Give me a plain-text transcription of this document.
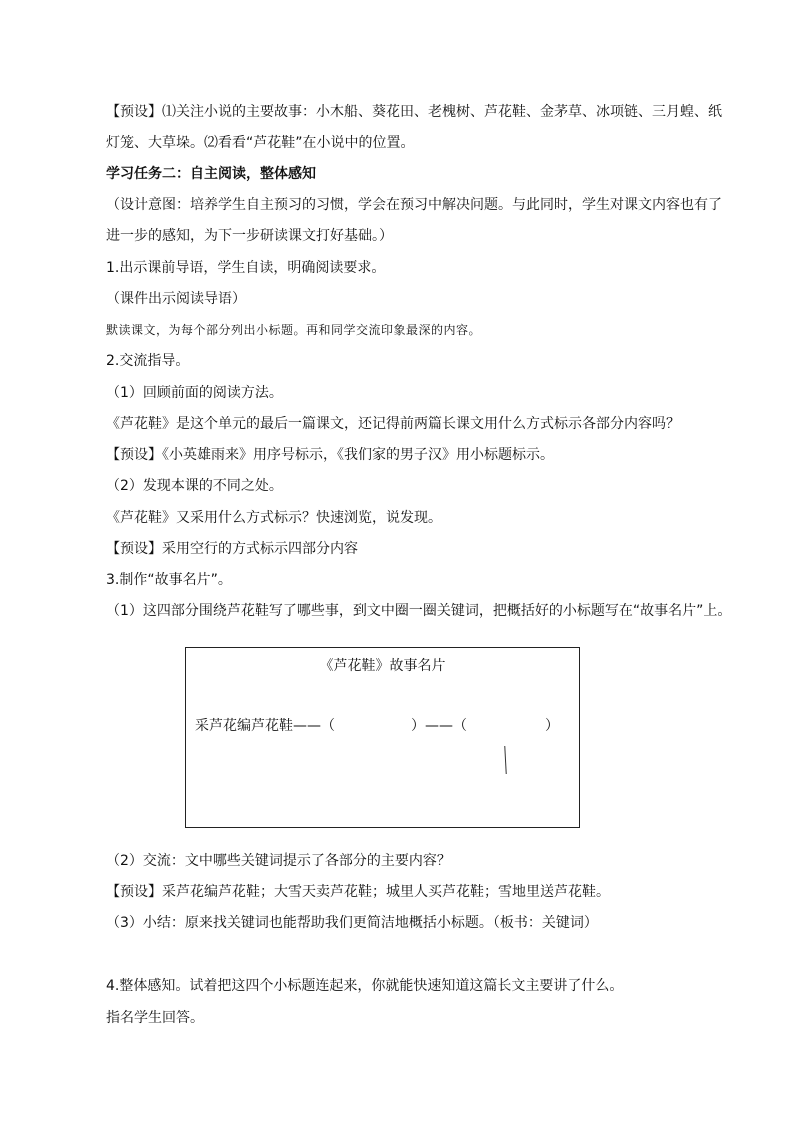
【预设】⑴关注小说的主要故事：小木船、葵花田、老槐树、芦花鞋、金茅草、冰项链、三月蝗、纸
灯笼、大草垛。⑵看看“芦花鞋”在小说中的位置。
学习任务二：自主阅读，整体感知
（设计意图：培养学生自主预习的习惯，学会在预习中解决问题。与此同时，学生对课文内容也有了
进一步的感知，为下一步研读课文打好基础。）
1.出示课前导语，学生自读，明确阅读要求。
（课件出示阅读导语）
默读课文，为每个部分列出小标题。再和同学交流印象最深的内容。
2.交流指导。
（1）回顾前面的阅读方法。
《芦花鞋》是这个单元的最后一篇课文，还记得前两篇长课文用什么方式标示各部分内容吗？
【预设】《小英雄雨来》用序号标示，《我们家的男子汉》用小标题标示。
（2）发现本课的不同之处。
《芦花鞋》又采用什么方式标示？快速浏览，说发现。
【预设】采用空行的方式标示四部分内容
3.制作“故事名片”。
（1）这四部分围绕芦花鞋写了哪些事，到文中圈一圈关键词，把概括好的小标题写在“故事名片”上。
《芦花鞋》故事名片
采芦花编芦花鞋——（	）——（	）
（2）交流：文中哪些关键词提示了各部分的主要内容？
【预设】采芦花编芦花鞋；大雪天卖芦花鞋；城里人买芦花鞋；雪地里送芦花鞋。
（3）小结：原来找关键词也能帮助我们更简洁地概括小标题。（板书：关键词）
4.整体感知。试着把这四个小标题连起来，你就能快速知道这篇长文主要讲了什么。
指名学生回答。
